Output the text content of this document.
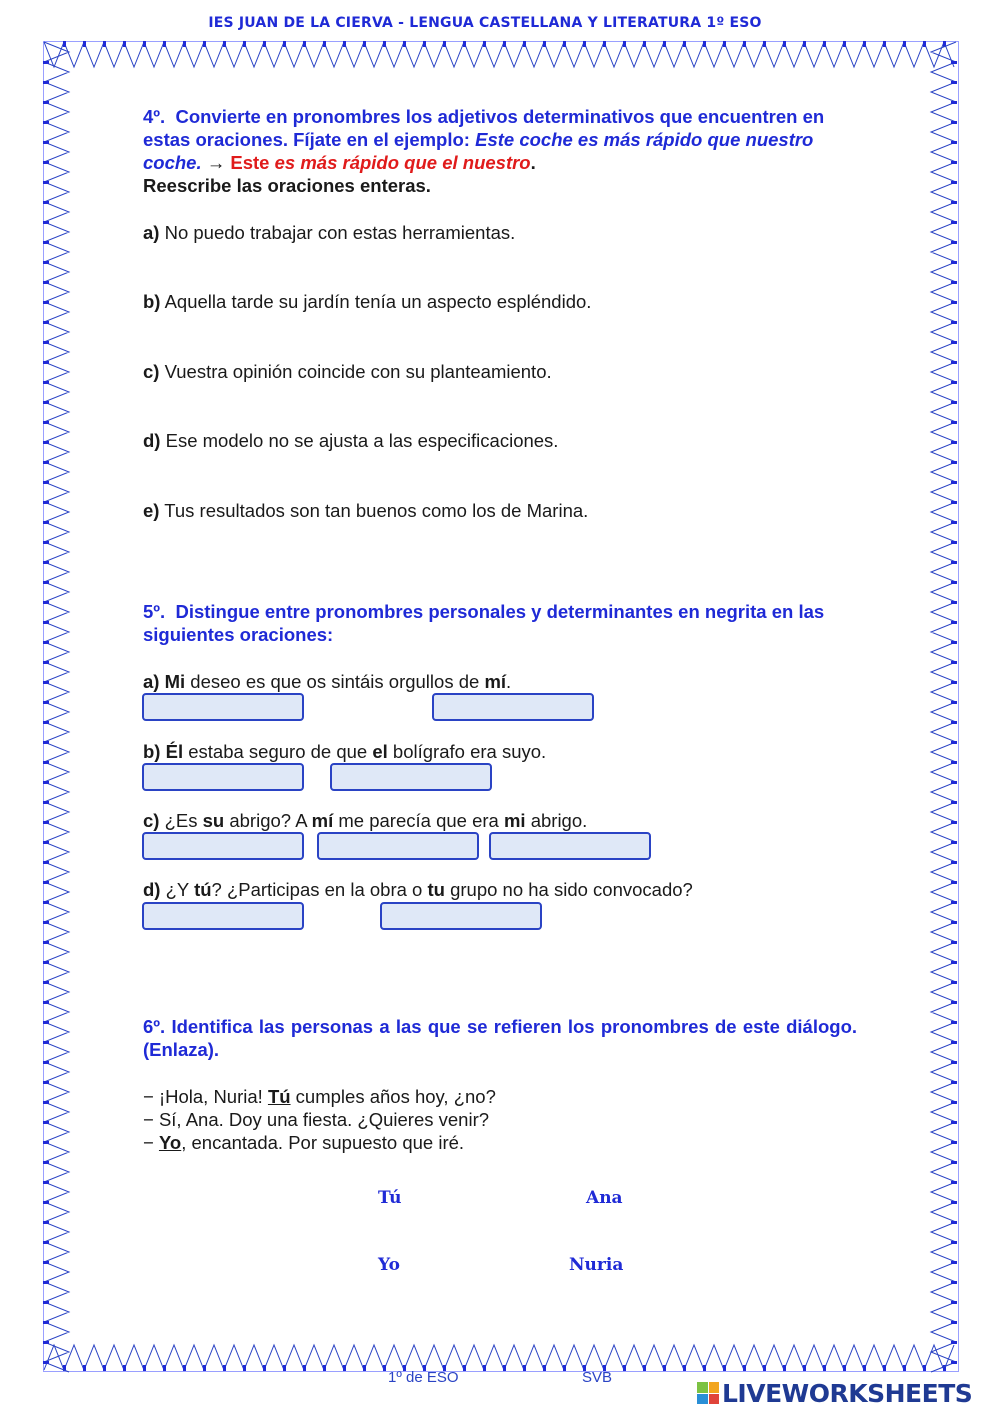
IES JUAN DE LA CIERVA - LENGUA CASTELLANA Y LITERATURA 1º ESO
4º. Convierte en pronombres los adjetivos determinativos que encuentren en estas oraciones. Fíjate en el ejemplo: Este coche es más rápido que nuestro coche. → Este es más rápido que el nuestro.
Reescribe las oraciones enteras.
a) No puedo trabajar con estas herramientas.
b) Aquella tarde su jardín tenía un aspecto espléndido.
c) Vuestra opinión coincide con su planteamiento.
d) Ese modelo no se ajusta a las especificaciones.
e) Tus resultados son tan buenos como los de Marina.
5º. Distingue entre pronombres personales y determinantes en negrita en las siguientes oraciones:
a) Mi deseo es que os sintáis orgullos de mí.
b) Él estaba seguro de que el bolígrafo era suyo.
c) ¿Es su abrigo? A mí me parecía que era mi abrigo.
d) ¿Y tú? ¿Participas en la obra o tu grupo no ha sido convocado?
6º. Identifica las personas a las que se refieren los pronombres de este diálogo. (Enlaza).
− ¡Hola, Nuria! Tú cumples años hoy, ¿no?
− Sí, Ana. Doy una fiesta. ¿Quieres venir?
− Yo, encantada. Por supuesto que iré.
Tú	Ana
Yo	Nuria
1º de ESO	SVB
LIVEWORKSHEETS
